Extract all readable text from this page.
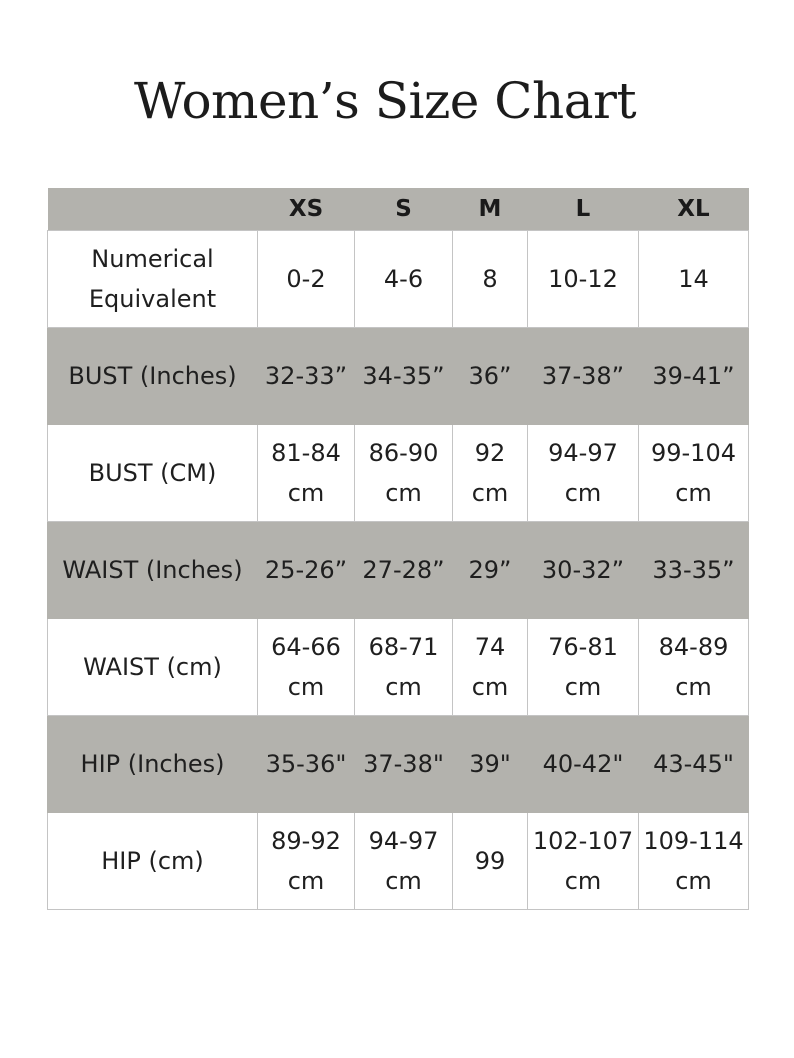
Women’s Size Chart
	XS	S	M	L	XL
Numerical Equivalent	0-2	4-6	8	10-12	14
BUST (Inches)	32-33”	34-35”	36”	37-38”	39-41”
BUST (CM)	81-84 cm	86-90 cm	92 cm	94-97 cm	99-104 cm
WAIST (Inches)	25-26”	27-28”	29”	30-32”	33-35”
WAIST (cm)	64-66 cm	68-71 cm	74 cm	76-81 cm	84-89 cm
HIP (Inches)	35-36"	37-38"	39"	40-42"	43-45"
HIP (cm)	89-92 cm	94-97 cm	99	102-107 cm	109-114 cm
